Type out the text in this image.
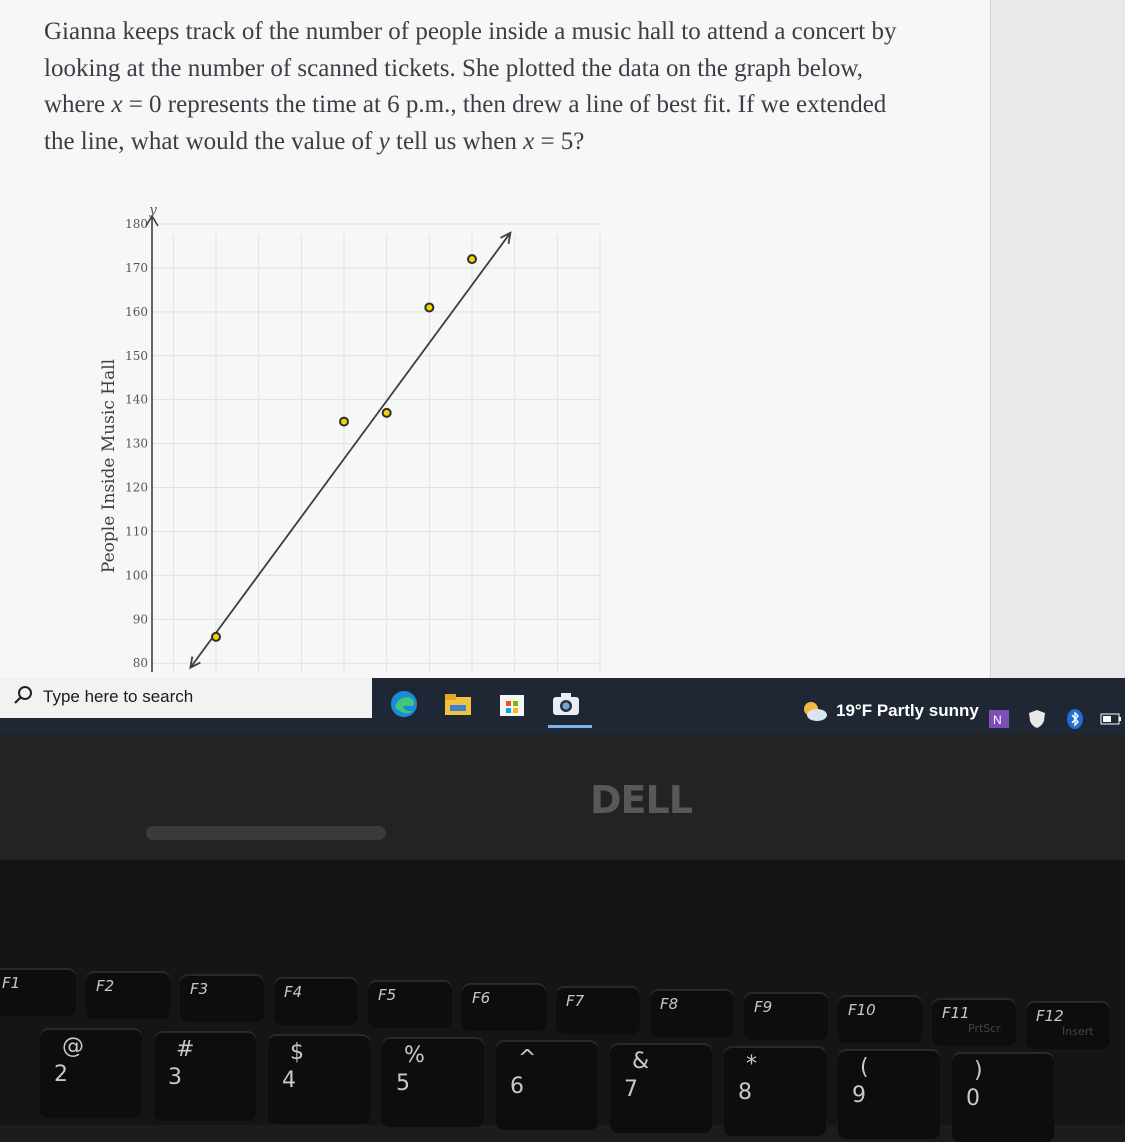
Gianna keeps track of the number of people inside a music hall to attend a concert by
looking at the number of scanned tickets. She plotted the data on the graph below,
where x = 0 represents the time at 6 p.m., then drew a line of best fit. If we extended
the line, what would the value of y tell us when x = 5?
80
90
100
110
120
130
140
150
160
170
180
People Inside Music Hall
y
Type here to search
19°F Partly sunny N
DELL
F1	F2	F3	F4	F5	F6	F7	F8	F9	F10	F11
PrtScr
F12
Insert
@
2
#
3
$
4
%
5
^
6
&
7
*
8
(
9
)
0
